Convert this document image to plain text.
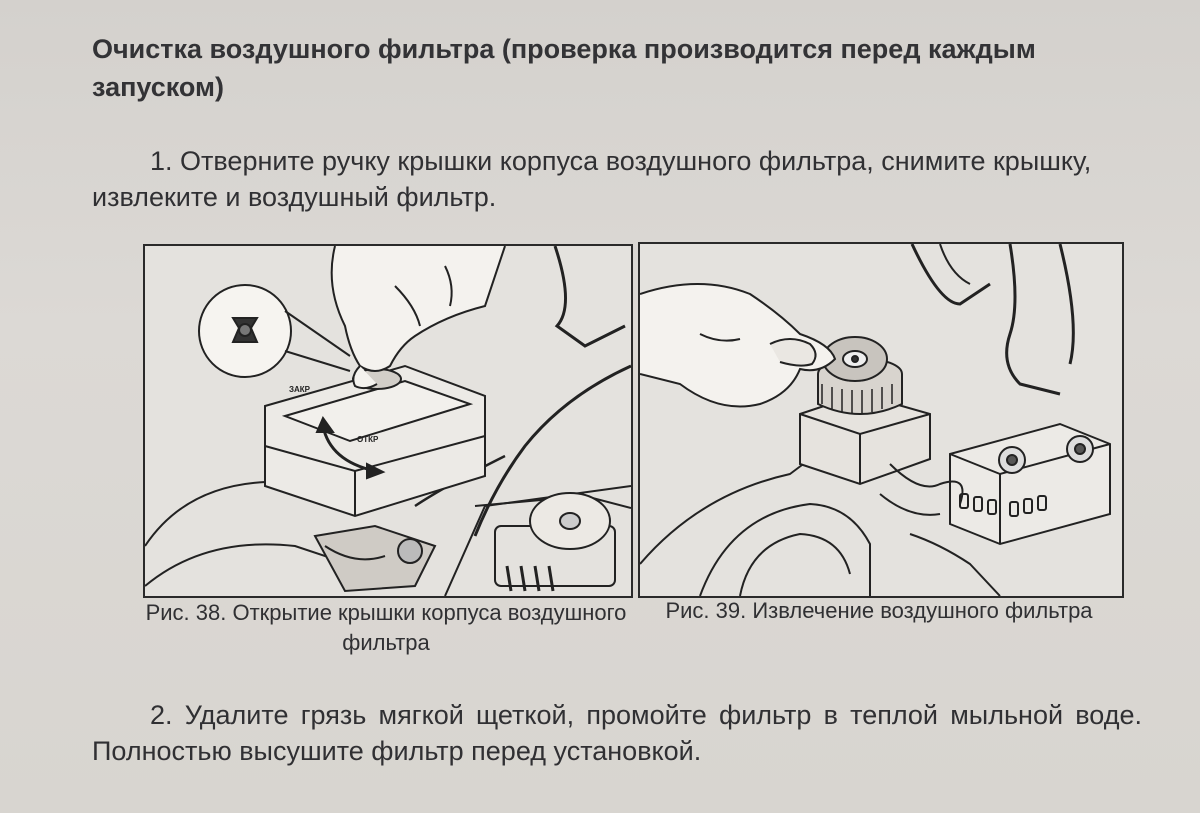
Очистка воздушного фильтра (проверка производится перед каждым запуском)
1. Отверните ручку крышки корпуса воздушного фильтра, снимите крышку, извлеките и воздушный фильтр.
ЗАКР
ОТКР
Рис. 38. Открытие крышки корпуса воздушного фильтра
Рис. 39. Извлечение воздушного фильтра
2. Удалите грязь мягкой щеткой, промойте фильтр в теплой мыльной воде. Полностью высушите фильтр перед установкой.
